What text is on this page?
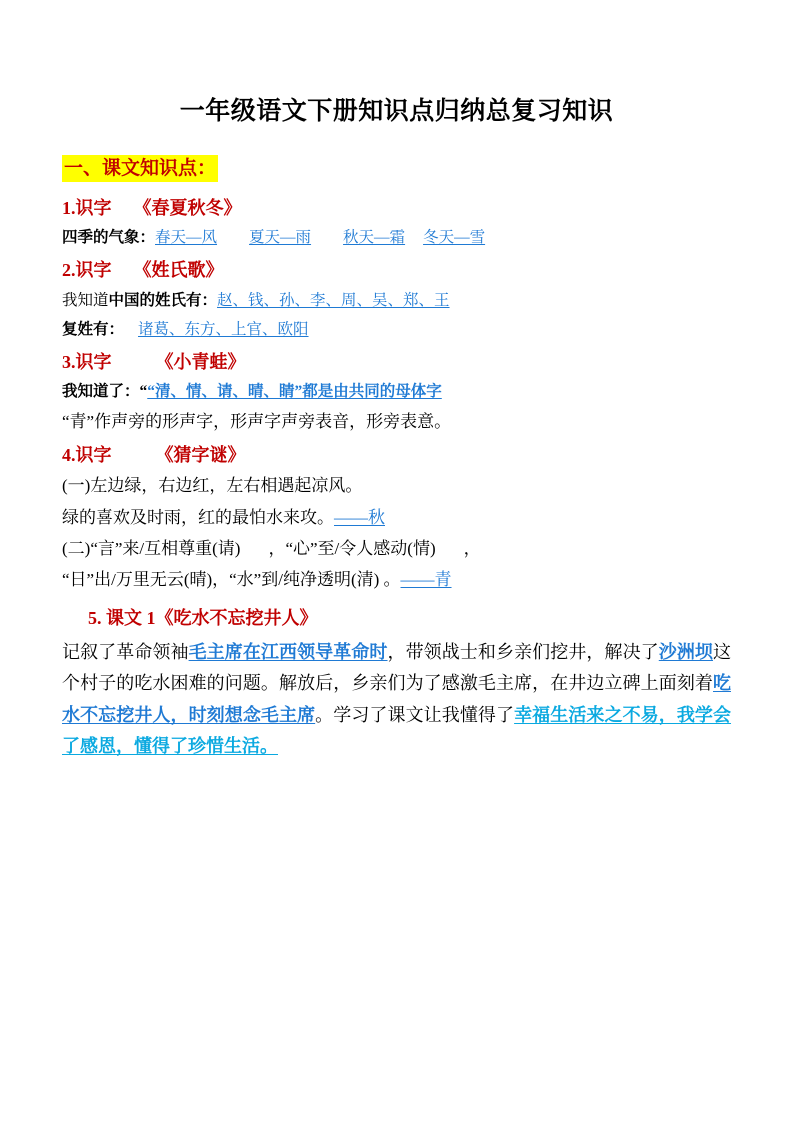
一年级语文下册知识点归纳总复习知识
一、课文知识点：
1.识字 《春夏秋冬》
四季的气象：春天—风 夏天—雨 秋天—霜 冬天—雪
2.识字 《姓氏歌》
我知道中国的姓氏有：赵、钱、孙、李、周、吴、郑、王
复姓有： 诸葛、东方、上官、欧阳
3.识字 《小青蛙》
我知道了：““清、情、请、晴、睛”都是由共同的母体字
“青”作声旁的形声字，形声字声旁表音，形旁表意。
4.识字 《猜字谜》
(一)左边绿，右边红，左右相遇起凉风。
绿的喜欢及时雨，红的最怕水来攻。——秋
(二)“言”来/互相尊重(请) ，“心”至/令人感动(情) ，
“日”出/万里无云(晴)，“水”到/纯净透明(清) 。——青
5. 课文 1《吃水不忘挖井人》
记叙了革命领袖毛主席在江西领导革命时，带领战士和乡亲们挖井，解决了沙洲坝这个村子的吃水困难的问题。解放后，乡亲们为了感激毛主席，在井边立碑上面刻着吃水不忘挖井人，时刻想念毛主席。学习了课文让我懂得了幸福生活来之不易，我学会了感恩，懂得了珍惜生活。
